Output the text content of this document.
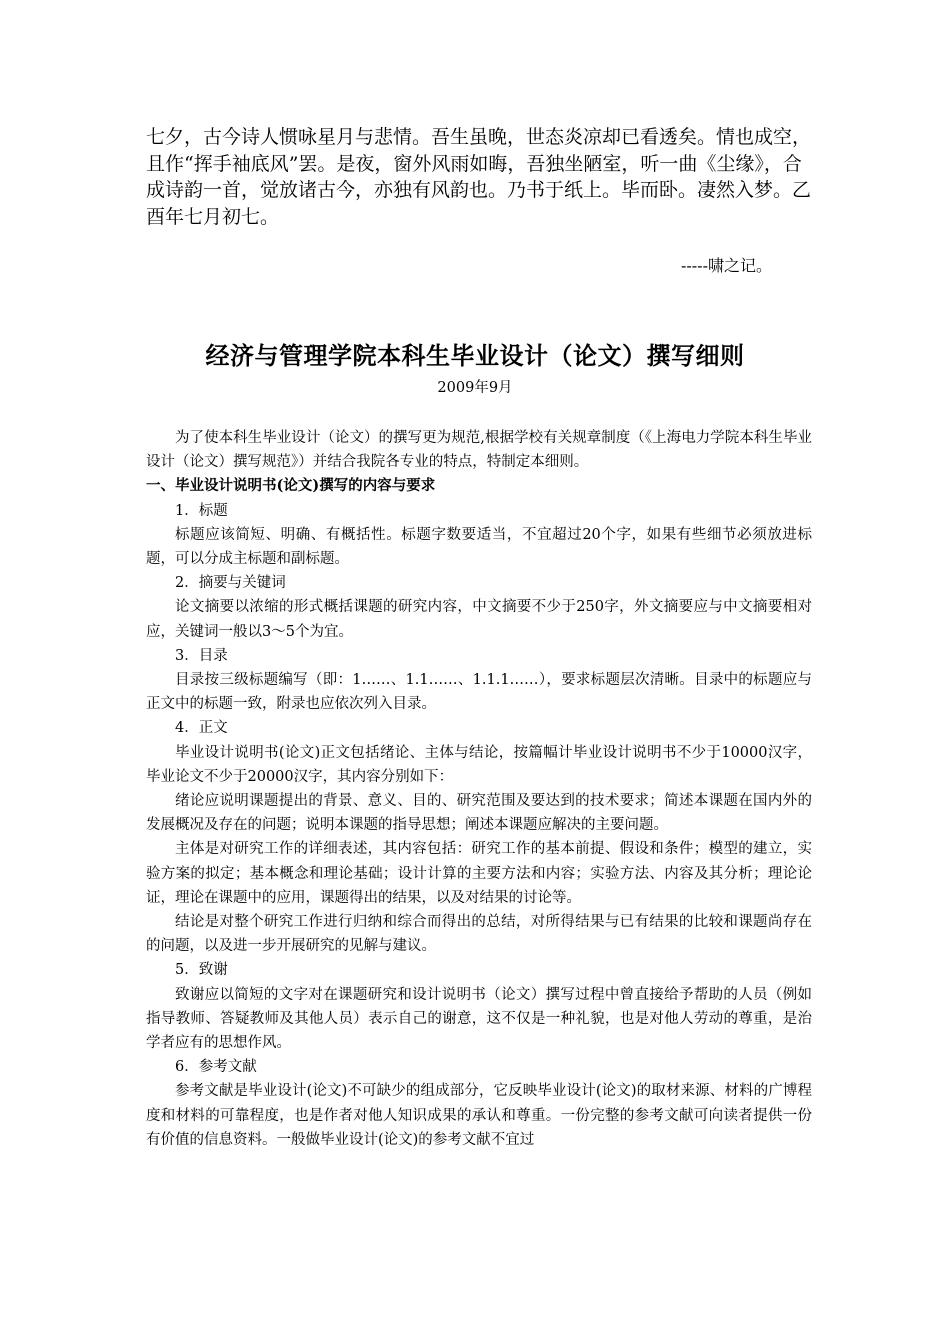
七夕，古今诗人惯咏星月与悲情。吾生虽晚，世态炎凉却已看透矣。情也成空，且作“挥手袖底风”罢。是夜，窗外风雨如晦，吾独坐陋室，听一曲《尘缘》，合成诗韵一首，觉放诸古今，亦独有风韵也。乃书于纸上。毕而卧。凄然入梦。乙酉年七月初七。

-----啸之记。
经济与管理学院本科生毕业设计（论文）撰写细则
2009年9月

为了使本科生毕业设计（论文）的撰写更为规范,根据学校有关规章制度（《上海电力学院本科生毕业设计（论文）撰写规范》）并结合我院各专业的特点，特制定本细则。

一、毕业设计说明书(论文)撰写的内容与要求

1．标题

标题应该简短、明确、有概括性。标题字数要适当，不宜超过20个字，如果有些细节必须放进标题，可以分成主标题和副标题。

2．摘要与关键词

论文摘要以浓缩的形式概括课题的研究内容，中文摘要不少于250字，外文摘要应与中文摘要相对应，关键词一般以3～5个为宜。

3．目录

目录按三级标题编写（即：1……、1.1……、1.1.1……），要求标题层次清晰。目录中的标题应与正文中的标题一致，附录也应依次列入目录。

4．正文

毕业设计说明书(论文)正文包括绪论、主体与结论，按篇幅计毕业设计说明书不少于10000汉字，毕业论文不少于20000汉字，其内容分别如下：

绪论应说明课题提出的背景、意义、目的、研究范围及要达到的技术要求；简述本课题在国内外的发展概况及存在的问题；说明本课题的指导思想；阐述本课题应解决的主要问题。

主体是对研究工作的详细表述，其内容包括：研究工作的基本前提、假设和条件；模型的建立，实验方案的拟定；基本概念和理论基础；设计计算的主要方法和内容；实验方法、内容及其分析；理论论证，理论在课题中的应用，课题得出的结果，以及对结果的讨论等。

结论是对整个研究工作进行归纳和综合而得出的总结，对所得结果与已有结果的比较和课题尚存在的问题，以及进一步开展研究的见解与建议。

5．致谢

致谢应以简短的文字对在课题研究和设计说明书（论文）撰写过程中曾直接给予帮助的人员（例如指导教师、答疑教师及其他人员）表示自己的谢意，这不仅是一种礼貌，也是对他人劳动的尊重，是治学者应有的思想作风。

6．参考文献

参考文献是毕业设计(论文)不可缺少的组成部分，它反映毕业设计(论文)的取材来源、材料的广博程度和材料的可靠程度，也是作者对他人知识成果的承认和尊重。一份完整的参考文献可向读者提供一份有价值的信息资料。一般做毕业设计(论文)的参考文献不宜过
